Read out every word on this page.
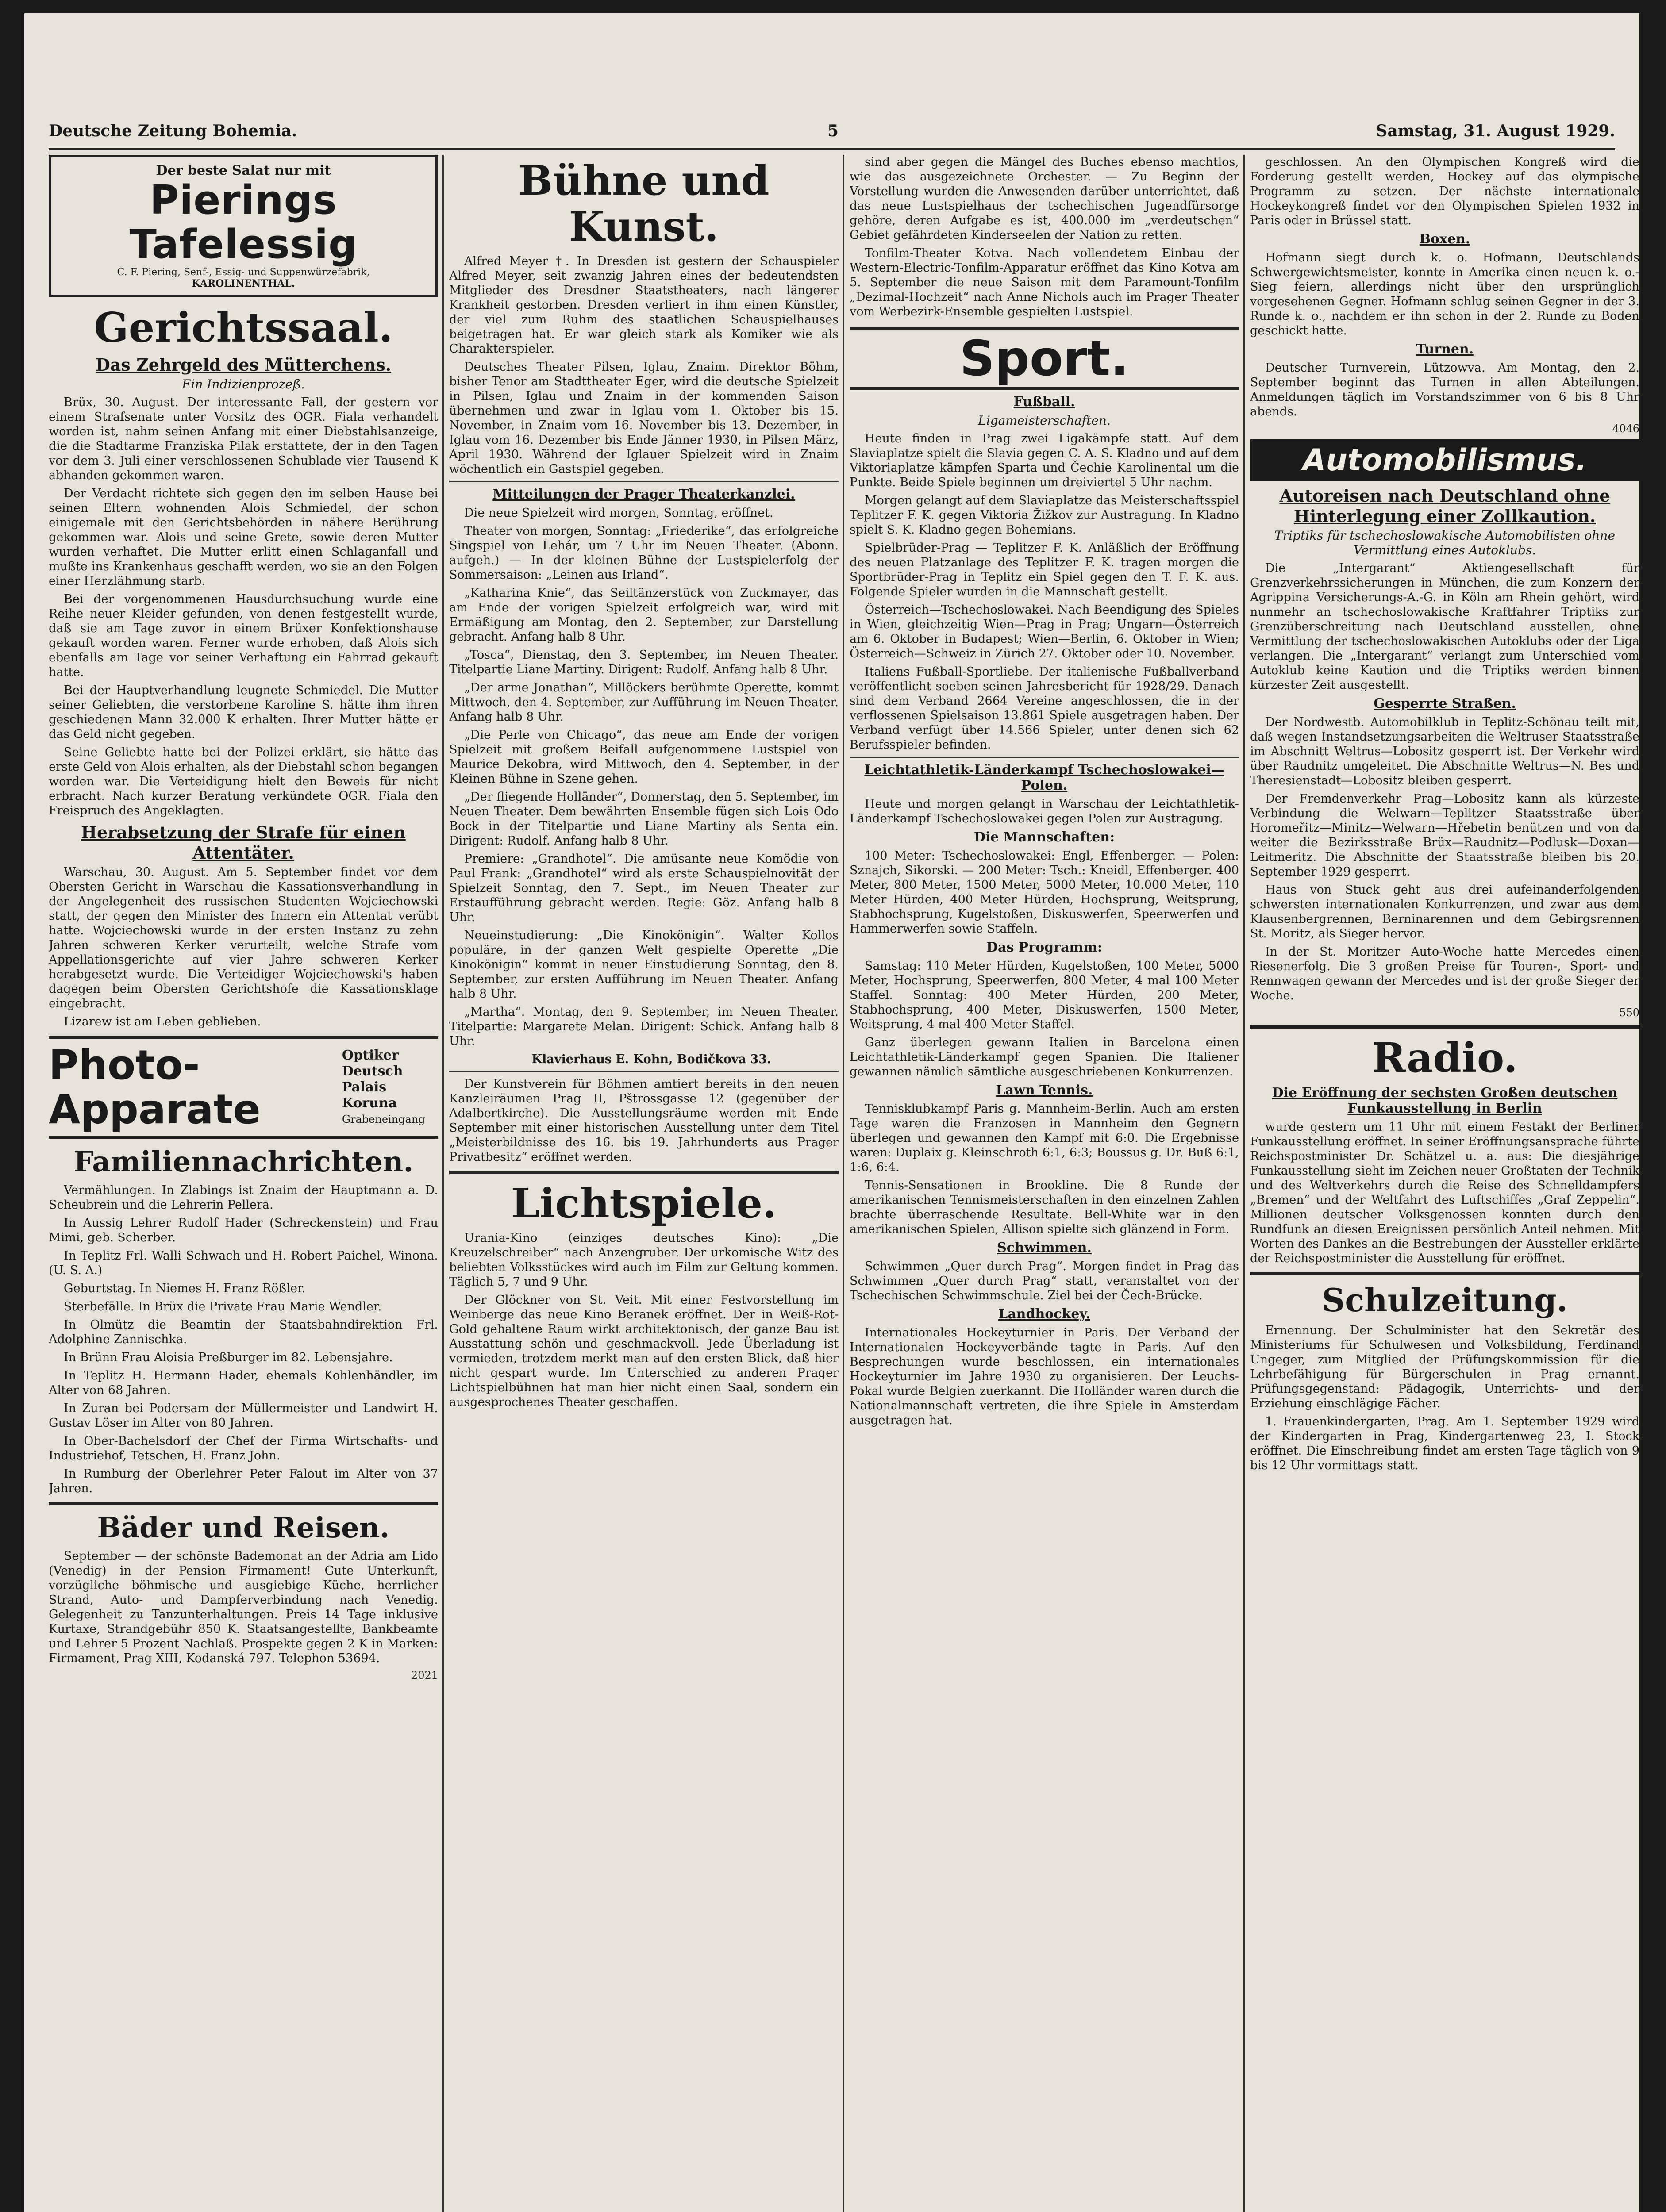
Deutsche Zeitung Bohemia.	5	Samstag, 31. August 1929.
Der beste Salat nur mit
Pierings Tafelessig
C. F. Piering, Senf-, Essig- und Suppenwürzefabrik,
KAROLINENTHAL.
Gerichtssaal.
Das Zehrgeld des Mütterchens.
Ein Indizienprozeß.

Brüx, 30. August. Der interessante Fall, der gestern vor einem Strafsenate unter Vorsitz des OGR. Fiala verhandelt worden ist, nahm seinen Anfang mit einer Diebstahlsanzeige, die die Stadtarme Franziska Pilak erstattete, der in den Tagen vor dem 3. Juli einer verschlossenen Schublade vier Tausend K abhanden gekommen waren.

Der Verdacht richtete sich gegen den im selben Hause bei seinen Eltern wohnenden Alois Schmiedel, der schon einigemale mit den Gerichtsbehörden in nähere Berührung gekommen war. Alois und seine Grete, sowie deren Mutter wurden verhaftet. Die Mutter erlitt einen Schlaganfall und mußte ins Krankenhaus geschafft werden, wo sie an den Folgen einer Herzlähmung starb.

Bei der vorgenommenen Hausdurchsuchung wurde eine Reihe neuer Kleider gefunden, von denen festgestellt wurde, daß sie am Tage zuvor in einem Brüxer Konfektionshause gekauft worden waren. Ferner wurde erhoben, daß Alois sich ebenfalls am Tage vor seiner Verhaftung ein Fahrrad gekauft hatte.

Bei der Hauptverhandlung leugnete Schmiedel. Die Mutter seiner Geliebten, die verstorbene Karoline S. hätte ihm ihren geschiedenen Mann 32.000 K erhalten. Ihrer Mutter hätte er das Geld nicht gegeben.

Seine Geliebte hatte bei der Polizei erklärt, sie hätte das erste Geld von Alois erhalten, als der Diebstahl schon begangen worden war. Die Verteidigung hielt den Beweis für nicht erbracht. Nach kurzer Beratung verkündete OGR. Fiala den Freispruch des Angeklagten.

Herabsetzung der Strafe für einen Attentäter.

Warschau, 30. August. Am 5. September findet vor dem Obersten Gericht in Warschau die Kassationsverhandlung in der Angelegenheit des russischen Studenten Wojciechowski statt, der gegen den Minister des Innern ein Attentat verübt hatte. Wojciechowski wurde in der ersten Instanz zu zehn Jahren schweren Kerker verurteilt, welche Strafe vom Appellationsgerichte auf vier Jahre schweren Kerker herabgesetzt wurde. Die Verteidiger Wojciechowski's haben dagegen beim Obersten Gerichtshofe die Kassationsklage eingebracht.

Lizarew ist am Leben geblieben.

Photo-Apparate
Optiker Deutsch
Palais Koruna
Grabeneingang
Familiennachrichten.

Vermählungen. In Zlabings ist Znaim der Hauptmann a. D. Scheubrein und die Lehrerin Pellera.

In Aussig Lehrer Rudolf Hader (Schreckenstein) und Frau Mimi, geb. Scherber.

In Teplitz Frl. Walli Schwach und H. Robert Paichel, Winona. (U. S. A.)

Geburtstag. In Niemes H. Franz Rößler.

Sterbefälle. In Brüx die Private Frau Marie Wendler.

In Olmütz die Beamtin der Staatsbahndirektion Frl. Adolphine Zannischka.

In Brünn Frau Aloisia Preßburger im 82. Lebensjahre.

In Teplitz H. Hermann Hader, ehemals Kohlenhändler, im Alter von 68 Jahren.

In Zuran bei Podersam der Müllermeister und Landwirt H. Gustav Löser im Alter von 80 Jahren.

In Ober-Bachelsdorf der Chef der Firma Wirtschafts- und Industriehof, Tetschen, H. Franz John.

In Rumburg der Oberlehrer Peter Falout im Alter von 37 Jahren.

Bäder und Reisen.

September — der schönste Bademonat an der Adria am Lido (Venedig) in der Pension Firmament! Gute Unterkunft, vorzügliche böhmische und ausgiebige Küche, herrlicher Strand, Auto- und Dampferverbindung nach Venedig. Gelegenheit zu Tanzunterhaltungen. Preis 14 Tage inklusive Kurtaxe, Strandgebühr 850 K. Staatsangestellte, Bankbeamte und Lehrer 5 Prozent Nachlaß. Prospekte gegen 2 K in Marken: Firmament, Prag XIII, Kodanská 797. Telephon 53694.

2021
Bühne und Kunst.

Alfred Meyer †. In Dresden ist gestern der Schauspieler Alfred Meyer, seit zwanzig Jahren eines der bedeutendsten Mitglieder des Dresdner Staatstheaters, nach längerer Krankheit gestorben. Dresden verliert in ihm einen Künstler, der viel zum Ruhm des staatlichen Schauspielhauses beigetragen hat. Er war gleich stark als Komiker wie als Charakterspieler.

Deutsches Theater Pilsen, Iglau, Znaim. Direktor Böhm, bisher Tenor am Stadttheater Eger, wird die deutsche Spielzeit in Pilsen, Iglau und Znaim in der kommenden Saison übernehmen und zwar in Iglau vom 1. Oktober bis 15. November, in Znaim vom 16. November bis 13. Dezember, in Iglau vom 16. Dezember bis Ende Jänner 1930, in Pilsen März, April 1930. Während der Iglauer Spielzeit wird in Znaim wöchentlich ein Gastspiel gegeben.

Mitteilungen der Prager Theaterkanzlei.

Die neue Spielzeit wird morgen, Sonntag, eröffnet.

Theater von morgen, Sonntag: „Friederike“, das erfolgreiche Singspiel von Lehár, um 7 Uhr im Neuen Theater. (Abonn. aufgeh.) — In der kleinen Bühne der Lustspielerfolg der Sommersaison: „Leinen aus Irland“.

„Katharina Knie“, das Seiltänzerstück von Zuckmayer, das am Ende der vorigen Spielzeit erfolgreich war, wird mit Ermäßigung am Montag, den 2. September, zur Darstellung gebracht. Anfang halb 8 Uhr.

„Tosca“, Dienstag, den 3. September, im Neuen Theater. Titelpartie Liane Martiny. Dirigent: Rudolf. Anfang halb 8 Uhr.

„Der arme Jonathan“, Millöckers berühmte Operette, kommt Mittwoch, den 4. September, zur Aufführung im Neuen Theater. Anfang halb 8 Uhr.

„Die Perle von Chicago“, das neue am Ende der vorigen Spielzeit mit großem Beifall aufgenommene Lustspiel von Maurice Dekobra, wird Mittwoch, den 4. September, in der Kleinen Bühne in Szene gehen.

„Der fliegende Holländer“, Donnerstag, den 5. September, im Neuen Theater. Dem bewährten Ensemble fügen sich Lois Odo Bock in der Titelpartie und Liane Martiny als Senta ein. Dirigent: Rudolf. Anfang halb 8 Uhr.

Premiere: „Grandhotel“. Die amüsante neue Komödie von Paul Frank: „Grandhotel“ wird als erste Schauspielnovität der Spielzeit Sonntag, den 7. Sept., im Neuen Theater zur Erstaufführung gebracht werden. Regie: Göz. Anfang halb 8 Uhr.

Neueinstudierung: „Die Kinokönigin“. Walter Kollos populäre, in der ganzen Welt gespielte Operette „Die Kinokönigin“ kommt in neuer Einstudierung Sonntag, den 8. September, zur ersten Aufführung im Neuen Theater. Anfang halb 8 Uhr.

„Martha“. Montag, den 9. September, im Neuen Theater. Titelpartie: Margarete Melan. Dirigent: Schick. Anfang halb 8 Uhr.

Klavierhaus E. Kohn, Bodičkova 33.

Der Kunstverein für Böhmen amtiert bereits in den neuen Kanzleiräumen Prag II, Pštrossgasse 12 (gegenüber der Adalbertkirche). Die Ausstellungsräume werden mit Ende September mit einer historischen Ausstellung unter dem Titel „Meisterbildnisse des 16. bis 19. Jahrhunderts aus Prager Privatbesitz“ eröffnet werden.

Lichtspiele.

Urania-Kino (einziges deutsches Kino): „Die Kreuzelschreiber“ nach Anzengruber. Der urkomische Witz des beliebten Volksstückes wird auch im Film zur Geltung kommen. Täglich 5, 7 und 9 Uhr.

Der Glöckner von St. Veit. Mit einer Festvorstellung im Weinberge das neue Kino Beranek eröffnet. Der in Weiß-Rot-Gold gehaltene Raum wirkt architektonisch, der ganze Bau ist Ausstattung schön und geschmackvoll. Jede Überladung ist vermieden, trotzdem merkt man auf den ersten Blick, daß hier nicht gespart wurde. Im Unterschied zu anderen Prager Lichtspielbühnen hat man hier nicht einen Saal, sondern ein ausgesprochenes Theater geschaffen.

sind aber gegen die Mängel des Buches ebenso machtlos, wie das ausgezeichnete Orchester. — Zu Beginn der Vorstellung wurden die Anwesenden darüber unterrichtet, daß das neue Lustspielhaus der tschechischen Jugendfürsorge gehöre, deren Aufgabe es ist, 400.000 im „verdeutschen“ Gebiet gefährdeten Kinderseelen der Nation zu retten.

Tonfilm-Theater Kotva. Nach vollendetem Einbau der Western-Electric-Tonfilm-Apparatur eröffnet das Kino Kotva am 5. September die neue Saison mit dem Paramount-Tonfilm „Dezimal-Hochzeit“ nach Anne Nichols auch im Prager Theater vom Werbezirk-Ensemble gespielten Lustspiel.

Sport.
Fußball.
Ligameisterschaften.

Heute finden in Prag zwei Ligakämpfe statt. Auf dem Slaviaplatze spielt die Slavia gegen C. A. S. Kladno und auf dem Viktoriaplatze kämpfen Sparta und Čechie Karolinental um die Punkte. Beide Spiele beginnen um dreiviertel 5 Uhr nachm.

Morgen gelangt auf dem Slaviaplatze das Meisterschaftsspiel Teplitzer F. K. gegen Viktoria Žižkov zur Austragung. In Kladno spielt S. K. Kladno gegen Bohemians.

Spielbrüder-Prag — Teplitzer F. K. Anläßlich der Eröffnung des neuen Platzanlage des Teplitzer F. K. tragen morgen die Sportbrüder-Prag in Teplitz ein Spiel gegen den T. F. K. aus. Folgende Spieler wurden in die Mannschaft gestellt.

Österreich—Tschechoslowakei. Nach Beendigung des Spieles in Wien, gleichzeitig Wien—Prag in Prag; Ungarn—Österreich am 6. Oktober in Budapest; Wien—Berlin, 6. Oktober in Wien; Österreich—Schweiz in Zürich 27. Oktober oder 10. November.

Italiens Fußball-Sportliebe. Der italienische Fußballverband veröffentlicht soeben seinen Jahresbericht für 1928/29. Danach sind dem Verband 2664 Vereine angeschlossen, die in der verflossenen Spielsaison 13.861 Spiele ausgetragen haben. Der Verband verfügt über 14.566 Spieler, unter denen sich 62 Berufsspieler befinden.

Leichtathletik-Länderkampf Tschechoslowakei—Polen.

Heute und morgen gelangt in Warschau der Leichtathletik-Länderkampf Tschechoslowakei gegen Polen zur Austragung.

Die Mannschaften:

100 Meter: Tschechoslowakei: Engl, Effenberger. — Polen: Sznajch, Sikorski. — 200 Meter: Tsch.: Kneidl, Effenberger. 400 Meter, 800 Meter, 1500 Meter, 5000 Meter, 10.000 Meter, 110 Meter Hürden, 400 Meter Hürden, Hochsprung, Weitsprung, Stabhochsprung, Kugelstoßen, Diskuswerfen, Speerwerfen und Hammerwerfen sowie Staffeln.

Das Programm:

Samstag: 110 Meter Hürden, Kugelstoßen, 100 Meter, 5000 Meter, Hochsprung, Speerwerfen, 800 Meter, 4 mal 100 Meter Staffel. Sonntag: 400 Meter Hürden, 200 Meter, Stabhochsprung, 400 Meter, Diskuswerfen, 1500 Meter, Weitsprung, 4 mal 400 Meter Staffel.

Ganz überlegen gewann Italien in Barcelona einen Leichtathletik-Länderkampf gegen Spanien. Die Italiener gewannen nämlich sämtliche ausgeschriebenen Konkurrenzen.

Lawn Tennis.

Tennisklubkampf Paris g. Mannheim-Berlin. Auch am ersten Tage waren die Franzosen in Mannheim den Gegnern überlegen und gewannen den Kampf mit 6:0. Die Ergebnisse waren: Duplaix g. Kleinschroth 6:1, 6:3; Boussus g. Dr. Buß 6:1, 1:6, 6:4.

Tennis-Sensationen in Brookline. Die 8 Runde der amerikanischen Tennismeisterschaften in den einzelnen Zahlen brachte überraschende Resultate. Bell-White war in den amerikanischen Spielen, Allison spielte sich glänzend in Form.

Schwimmen.

Schwimmen „Quer durch Prag“. Morgen findet in Prag das Schwimmen „Quer durch Prag“ statt, veranstaltet von der Tschechischen Schwimmschule. Ziel bei der Čech-Brücke.

Landhockey.

Internationales Hockeyturnier in Paris. Der Verband der Internationalen Hockeyverbände tagte in Paris. Auf den Besprechungen wurde beschlossen, ein internationales Hockeyturnier im Jahre 1930 zu organisieren. Der Leuchs-Pokal wurde Belgien zuerkannt. Die Holländer waren durch die Nationalmannschaft vertreten, die ihre Spiele in Amsterdam ausgetragen hat.

geschlossen. An den Olympischen Kongreß wird die Forderung gestellt werden, Hockey auf das olympische Programm zu setzen. Der nächste internationale Hockeykongreß findet vor den Olympischen Spielen 1932 in Paris oder in Brüssel statt.

Boxen.

Hofmann siegt durch k. o. Hofmann, Deutschlands Schwergewichtsmeister, konnte in Amerika einen neuen k. o.-Sieg feiern, allerdings nicht über den ursprünglich vorgesehenen Gegner. Hofmann schlug seinen Gegner in der 3. Runde k. o., nachdem er ihn schon in der 2. Runde zu Boden geschickt hatte.

Turnen.

Deutscher Turnverein, Lützowva. Am Montag, den 2. September beginnt das Turnen in allen Abteilungen. Anmeldungen täglich im Vorstandszimmer von 6 bis 8 Uhr abends.

4046
Automobilismus.
Autoreisen nach Deutschland ohne Hinterlegung einer Zollkaution.
Triptiks für tschechoslowakische Automobilisten ohne Vermittlung eines Autoklubs.

Die „Intergarant“ Aktiengesellschaft für Grenzverkehrssicherungen in München, die zum Konzern der Agrippina Versicherungs-A.-G. in Köln am Rhein gehört, wird nunmehr an tschechoslowakische Kraftfahrer Triptiks zur Grenzüberschreitung nach Deutschland ausstellen, ohne Vermittlung der tschechoslowakischen Autoklubs oder der Liga verlangen. Die „Intergarant“ verlangt zum Unterschied vom Autoklub keine Kaution und die Triptiks werden binnen kürzester Zeit ausgestellt.

Gesperrte Straßen.

Der Nordwestb. Automobilklub in Teplitz-Schönau teilt mit, daß wegen Instandsetzungsarbeiten die Weltruser Staatsstraße im Abschnitt Weltrus—Lobositz gesperrt ist. Der Verkehr wird über Raudnitz umgeleitet. Die Abschnitte Weltrus—N. Bes und Theresienstadt—Lobositz bleiben gesperrt.

Der Fremdenverkehr Prag—Lobositz kann als kürzeste Verbindung die Welwarn—Teplitzer Staatsstraße über Horomeřitz—Minitz—Welwarn—Hřebetin benützen und von da weiter die Bezirksstraße Brüx—Raudnitz—Podlusk—Doxan—Leitmeritz. Die Abschnitte der Staatsstraße bleiben bis 20. September 1929 gesperrt.

Haus von Stuck geht aus drei aufeinanderfolgenden schwersten internationalen Konkurrenzen, und zwar aus dem Klausenbergrennen, Berninarennen und dem Gebirgsrennen St. Moritz, als Sieger hervor.

In der St. Moritzer Auto-Woche hatte Mercedes einen Riesenerfolg. Die 3 großen Preise für Touren-, Sport- und Rennwagen gewann der Mercedes und ist der große Sieger der Woche.

550
Radio.
Die Eröffnung der sechsten Großen deutschen Funkausstellung in Berlin

wurde gestern um 11 Uhr mit einem Festakt der Berliner Funkausstellung eröffnet. In seiner Eröffnungsansprache führte Reichspostminister Dr. Schätzel u. a. aus: Die diesjährige Funkausstellung sieht im Zeichen neuer Großtaten der Technik und des Weltverkehrs durch die Reise des Schnelldampfers „Bremen“ und der Weltfahrt des Luftschiffes „Graf Zeppelin“. Millionen deutscher Volksgenossen konnten durch den Rundfunk an diesen Ereignissen persönlich Anteil nehmen. Mit Worten des Dankes an die Bestrebungen der Aussteller erklärte der Reichspostminister die Ausstellung für eröffnet.

Schulzeitung.

Ernennung. Der Schulminister hat den Sekretär des Ministeriums für Schulwesen und Volksbildung, Ferdinand Ungeger, zum Mitglied der Prüfungskommission für die Lehrbefähigung für Bürgerschulen in Prag ernannt. Prüfungsgegenstand: Pädagogik, Unterrichts- und der Erziehung einschlägige Fächer.

1. Frauenkindergarten, Prag. Am 1. September 1929 wird der Kindergarten in Prag, Kindergartenweg 23, I. Stock eröffnet. Die Einschreibung findet am ersten Tage täglich von 9 bis 12 Uhr vormittags statt.
